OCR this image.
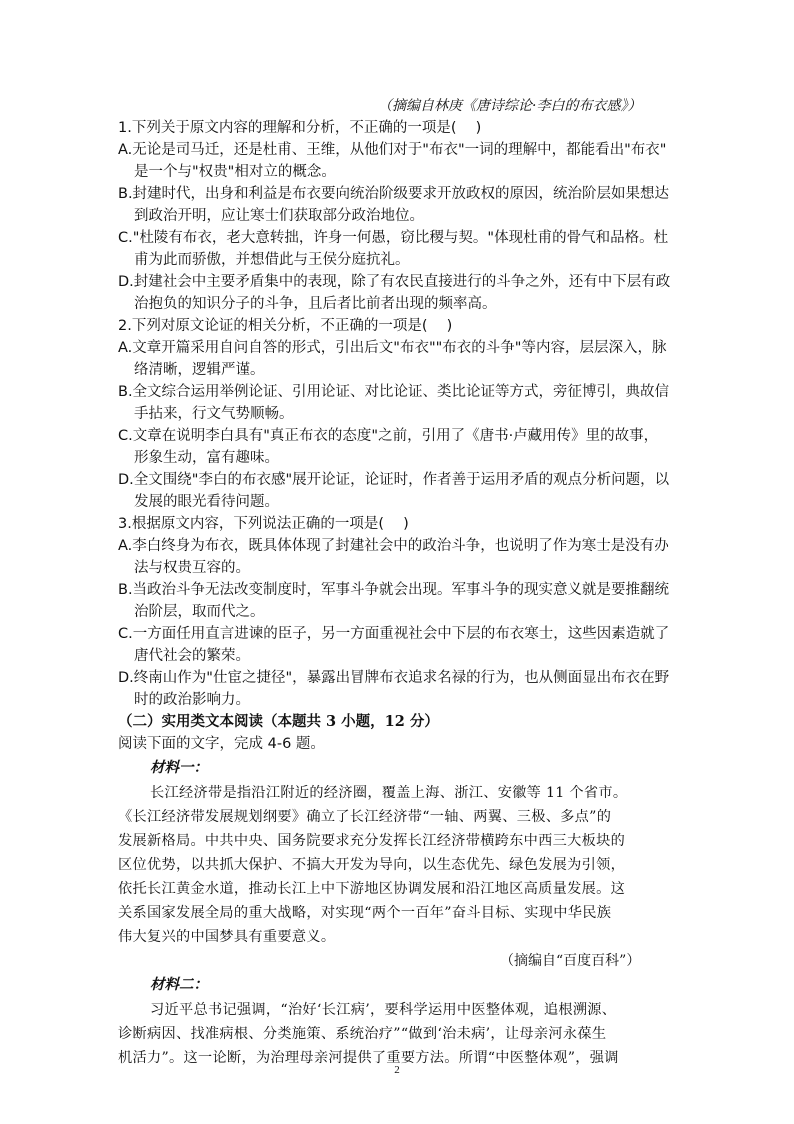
（摘编自林庚《唐诗综论·李白的布衣感》）
1.下列关于原文内容的理解和分析，不正确的一项是(　 )
A.无论是司马迁，还是杜甫、王维，从他们对于"布衣"一词的理解中，都能看出"布衣"
是一个与"权贵"相对立的概念。
B.封建时代，出身和利益是布衣要向统治阶级要求开放政权的原因，统治阶层如果想达
到政治开明，应让寒士们获取部分政治地位。
C."杜陵有布衣，老大意转拙，许身一何愚，窃比稷与契。"体现杜甫的骨气和品格。杜
甫为此而骄傲，并想借此与王侯分庭抗礼。
D.封建社会中主要矛盾集中的表现，除了有农民直接进行的斗争之外，还有中下层有政
治抱负的知识分子的斗争，且后者比前者出现的频率高。
2.下列对原文论证的相关分析，不正确的一项是(　 )
A.文章开篇采用自问自答的形式，引出后文"布衣""布衣的斗争"等内容，层层深入，脉
络清晰，逻辑严谨。
B.全文综合运用举例论证、引用论证、对比论证、类比论证等方式，旁征博引，典故信
手拈来，行文气势顺畅。
C.文章在说明李白具有"真正布衣的态度"之前，引用了《唐书·卢藏用传》里的故事，
形象生动，富有趣味。
D.全文围绕"李白的布衣感"展开论证，论证时，作者善于运用矛盾的观点分析问题，以
发展的眼光看待问题。
3.根据原文内容，下列说法正确的一项是(　 )
A.李白终身为布衣，既具体体现了封建社会中的政治斗争，也说明了作为寒士是没有办
法与权贵互容的。
B.当政治斗争无法改变制度时，军事斗争就会出现。军事斗争的现实意义就是要推翻统
治阶层，取而代之。
C.一方面任用直言进谏的臣子，另一方面重视社会中下层的布衣寒士，这些因素造就了
唐代社会的繁荣。
D.终南山作为"仕宦之捷径"，暴露出冒牌布衣追求名禄的行为，也从侧面显出布衣在野
时的政治影响力。
（二）实用类文本阅读（本题共 3 小题，12 分）
阅读下面的文字，完成 4-6 题。
材料一：
长江经济带是指沿江附近的经济圈，覆盖上海、浙江、安徽等 11 个省市。
《长江经济带发展规划纲要》确立了长江经济带“一轴、两翼、三极、多点”的
发展新格局。中共中央、国务院要求充分发挥长江经济带横跨东中西三大板块的
区位优势，以共抓大保护、不搞大开发为导向，以生态优先、绿色发展为引领，
依托长江黄金水道，推动长江上中下游地区协调发展和沿江地区高质量发展。这
关系国家发展全局的重大战略，对实现“两个一百年”奋斗目标、实现中华民族
伟大复兴的中国梦具有重要意义。
（摘编自“百度百科”）
材料二：
习近平总书记强调，“治好‘长江病’，要科学运用中医整体观，追根溯源、
诊断病因、找准病根、分类施策、系统治疗”“做到‘治未病’，让母亲河永葆生
机活力”。这一论断，为治理母亲河提供了重要方法。所谓“中医整体观”，强调
2
